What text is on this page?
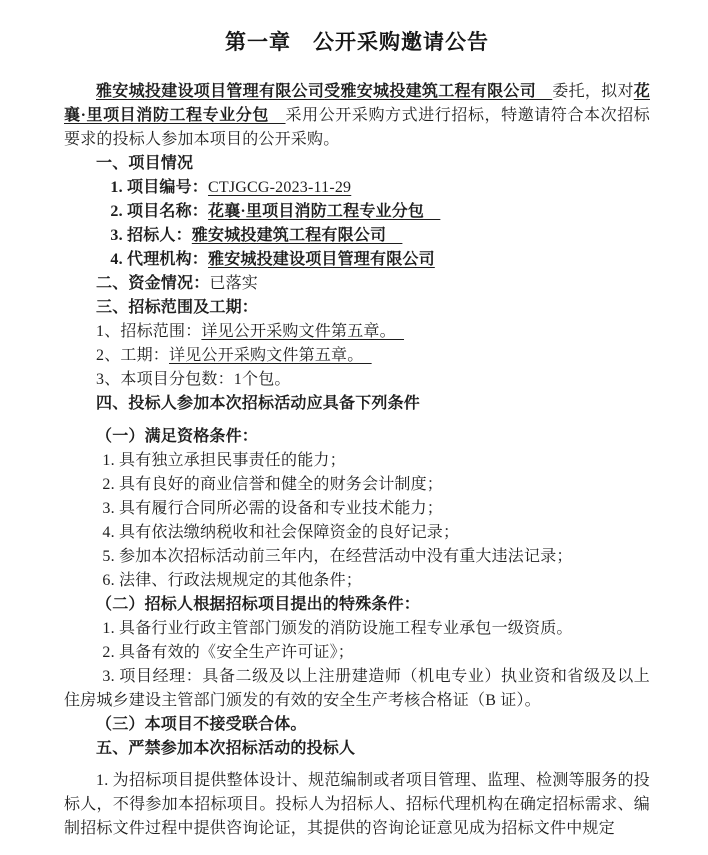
第一章　公开采购邀请公告

雅安城投建设项目管理有限公司受雅安城投建筑工程有限公司　委托，拟对花襄·里项目消防工程专业分包　采用公开采购方式进行招标，特邀请符合本次招标要求的投标人参加本项目的公开采购。

一、项目情况

1. 项目编号：CTJGCG-2023-11-29

2. 项目名称：花襄·里项目消防工程专业分包　

3. 招标人：雅安城投建筑工程有限公司　

4. 代理机构：雅安城投建设项目管理有限公司

二、资金情况：已落实

三、招标范围及工期：

1、招标范围：详见公开采购文件第五章。　

2、工期：详见公开采购文件第五章。　

3、本项目分包数：1个包。

四、投标人参加本次招标活动应具备下列条件

（一）满足资格条件：

1. 具有独立承担民事责任的能力；

2. 具有良好的商业信誉和健全的财务会计制度；

3. 具有履行合同所必需的设备和专业技术能力；

4. 具有依法缴纳税收和社会保障资金的良好记录；

5. 参加本次招标活动前三年内，在经营活动中没有重大违法记录；

6. 法律、行政法规规定的其他条件；

（二）招标人根据招标项目提出的特殊条件：

1. 具备行业行政主管部门颁发的消防设施工程专业承包一级资质。

2. 具备有效的《安全生产许可证》；

3. 项目经理：具备二级及以上注册建造师（机电专业）执业资和省级及以上住房城乡建设主管部门颁发的有效的安全生产考核合格证（B 证）。

（三）本项目不接受联合体。

五、严禁参加本次招标活动的投标人

1. 为招标项目提供整体设计、规范编制或者项目管理、监理、检测等服务的投标人，不得参加本招标项目。投标人为招标人、招标代理机构在确定招标需求、编制招标文件过程中提供咨询论证，其提供的咨询论证意见成为招标文件中规定
